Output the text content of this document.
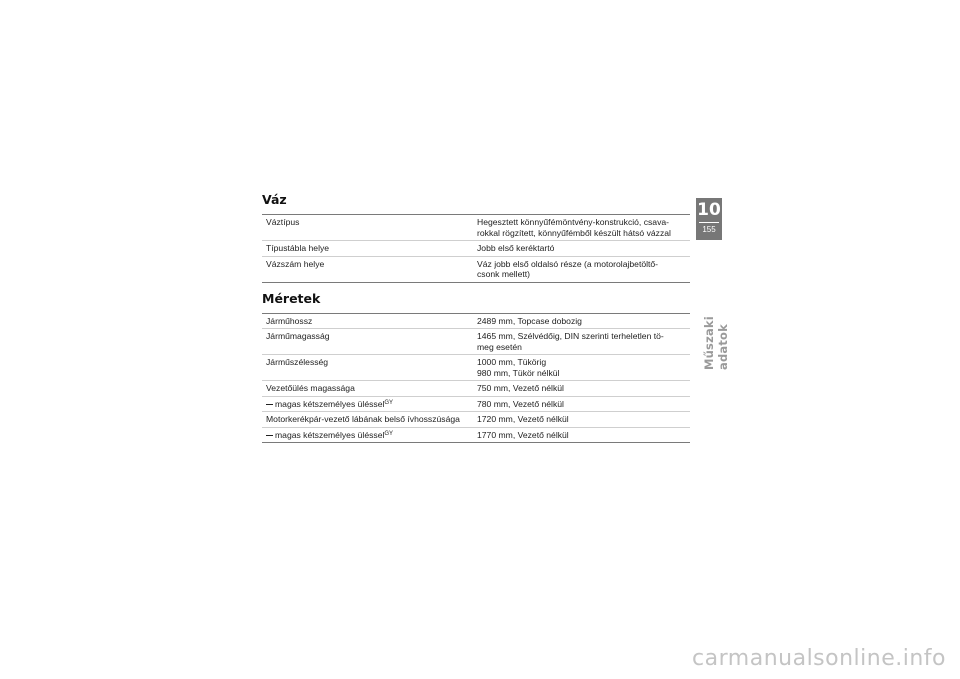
Váz
Váztípus	Hegesztett könnyűfémöntvény-konstrukció, csava-
rokkal rögzített, könnyűfémből készült hátsó vázzal
Típustábla helye	Jobb első keréktartó
Vázszám helye	Váz jobb első oldalsó része (a motorolajbetöltő-
csonk mellett)
Méretek
Járműhossz	2489 mm, Topcase dobozig
Járműmagasság	1465 mm, Szélvédőig, DIN szerinti terheletlen tö-
meg esetén
Járműszélesség	1000 mm, Tükörig
980 mm, Tükör nélkül
Vezetőülés magassága	750 mm, Vezető nélkül
magas kétszemélyes üléssel$^{GY}$	780 mm, Vezető nélkül
Motorkerékpár-vezető lábának belső ívhosszúsága	1720 mm, Vezető nélkül
magas kétszemélyes üléssel$^{GY}$	1770 mm, Vezető nélkül
10
155
Műszaki adatok
carmanualsonline.info
